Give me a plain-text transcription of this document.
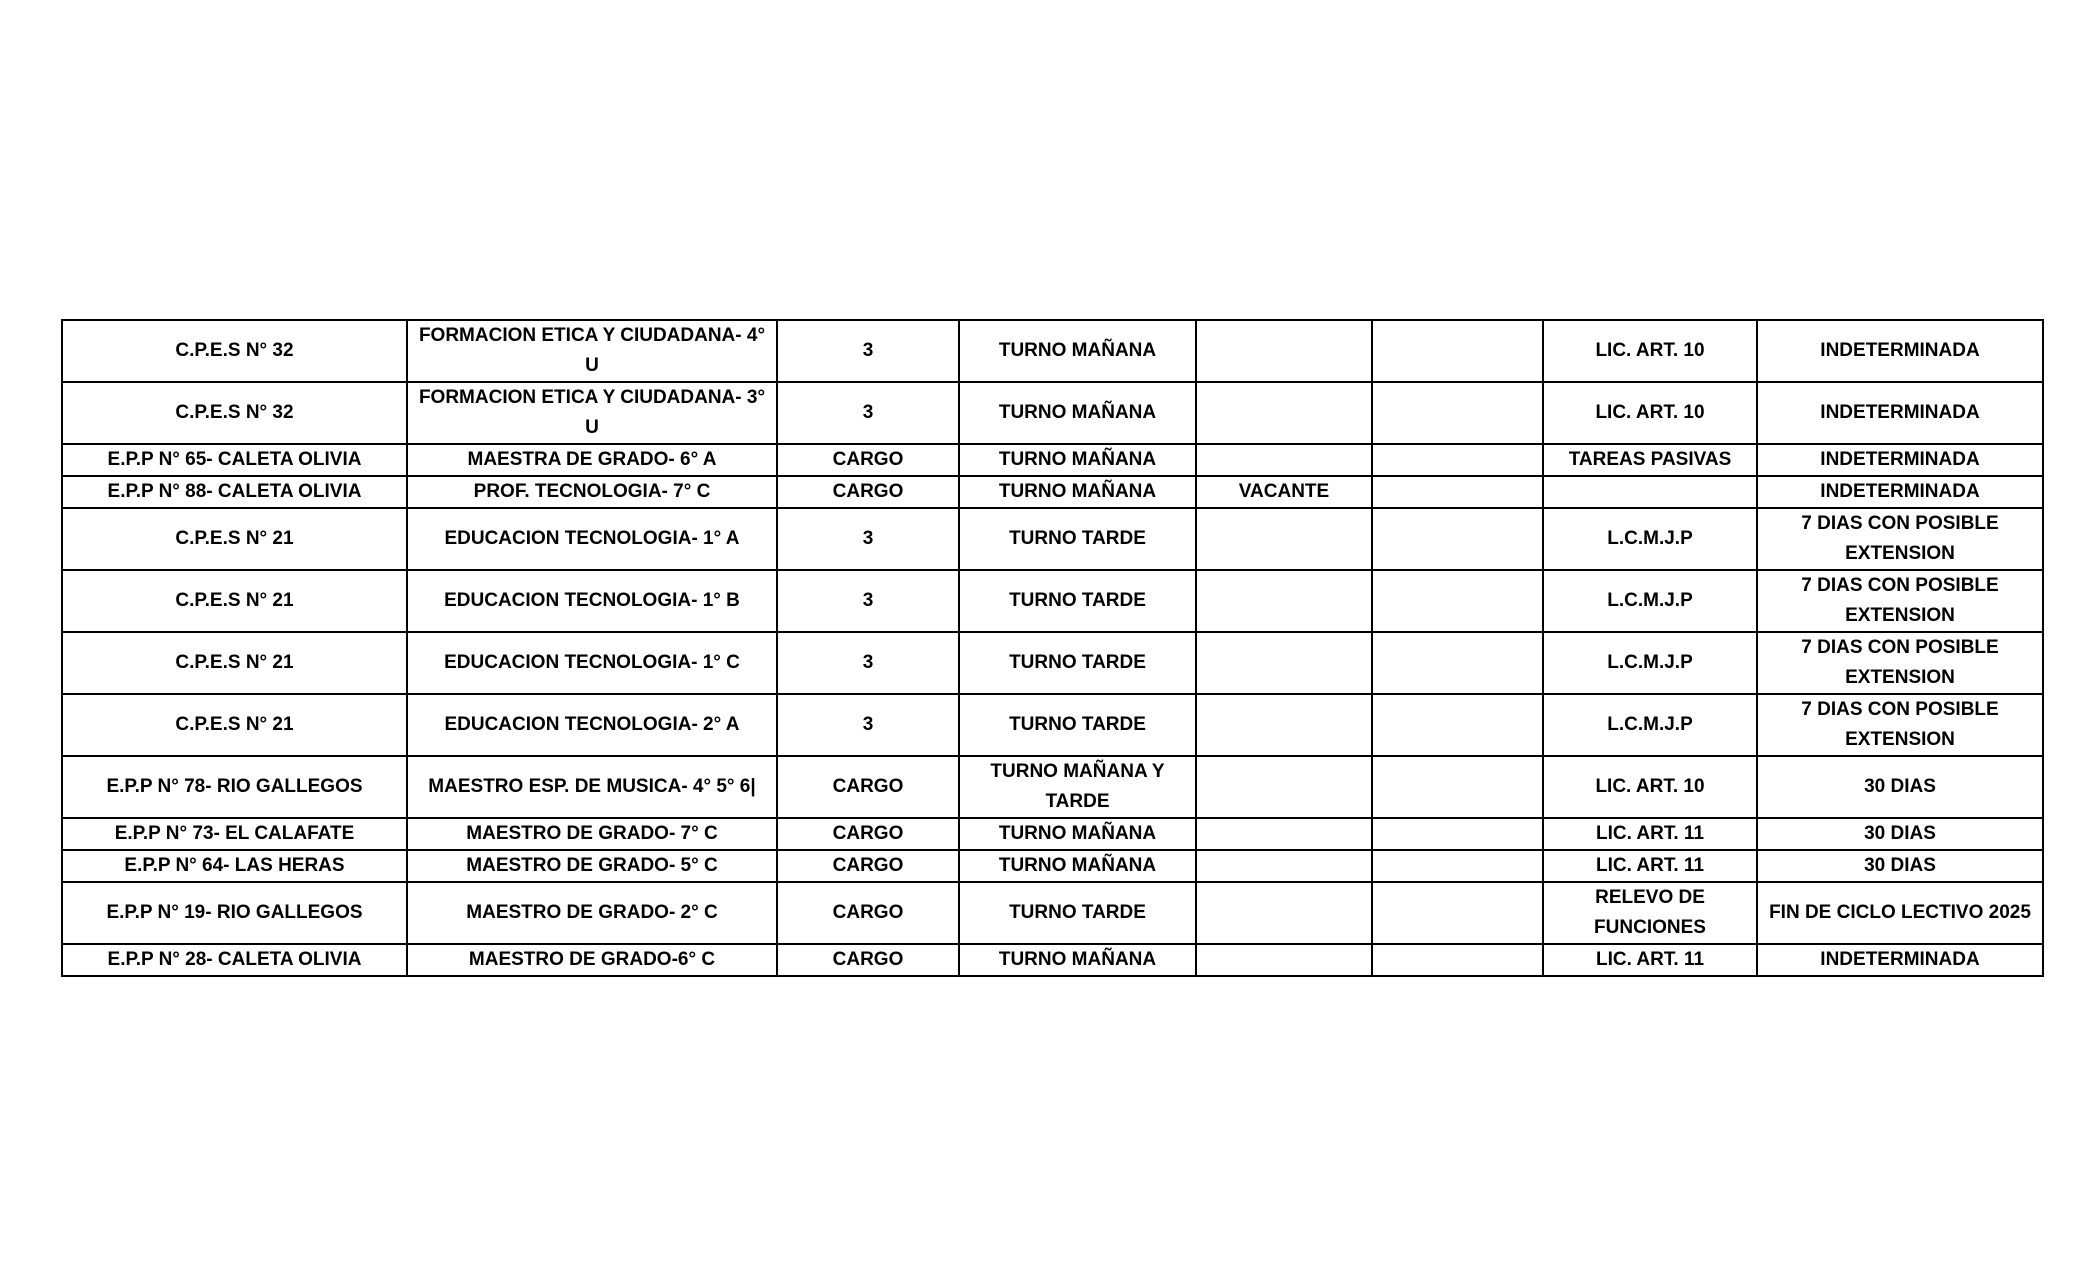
C.P.E.S N° 32	FORMACION ETICA Y CIUDADANA- 4° U	3	TURNO MAÑANA			LIC. ART. 10	INDETERMINADA
C.P.E.S N° 32	FORMACION ETICA Y CIUDADANA- 3° U	3	TURNO MAÑANA			LIC. ART. 10	INDETERMINADA
E.P.P N° 65- CALETA OLIVIA	MAESTRA DE GRADO- 6° A	CARGO	TURNO MAÑANA			TAREAS PASIVAS	INDETERMINADA
E.P.P N° 88- CALETA OLIVIA	PROF. TECNOLOGIA- 7° C	CARGO	TURNO MAÑANA	VACANTE			INDETERMINADA
C.P.E.S N° 21	EDUCACION TECNOLOGIA- 1° A	3	TURNO TARDE			L.C.M.J.P	7 DIAS CON POSIBLE EXTENSION
C.P.E.S N° 21	EDUCACION TECNOLOGIA- 1° B	3	TURNO TARDE			L.C.M.J.P	7 DIAS CON POSIBLE EXTENSION
C.P.E.S N° 21	EDUCACION TECNOLOGIA- 1° C	3	TURNO TARDE			L.C.M.J.P	7 DIAS CON POSIBLE EXTENSION
C.P.E.S N° 21	EDUCACION TECNOLOGIA- 2° A	3	TURNO TARDE			L.C.M.J.P	7 DIAS CON POSIBLE EXTENSION
E.P.P N° 78- RIO GALLEGOS	MAESTRO ESP. DE MUSICA- 4° 5° 6|	CARGO	TURNO MAÑANA Y TARDE			LIC. ART. 10	30 DIAS
E.P.P N° 73- EL CALAFATE	MAESTRO DE GRADO- 7° C	CARGO	TURNO MAÑANA			LIC. ART. 11	30 DIAS
E.P.P N° 64- LAS HERAS	MAESTRO DE GRADO- 5° C	CARGO	TURNO MAÑANA			LIC. ART. 11	30 DIAS
E.P.P N° 19- RIO GALLEGOS	MAESTRO DE GRADO- 2° C	CARGO	TURNO TARDE			RELEVO DE FUNCIONES	FIN DE CICLO LECTIVO 2025
E.P.P N° 28- CALETA OLIVIA	MAESTRO DE GRADO-6° C	CARGO	TURNO MAÑANA			LIC. ART. 11	INDETERMINADA
